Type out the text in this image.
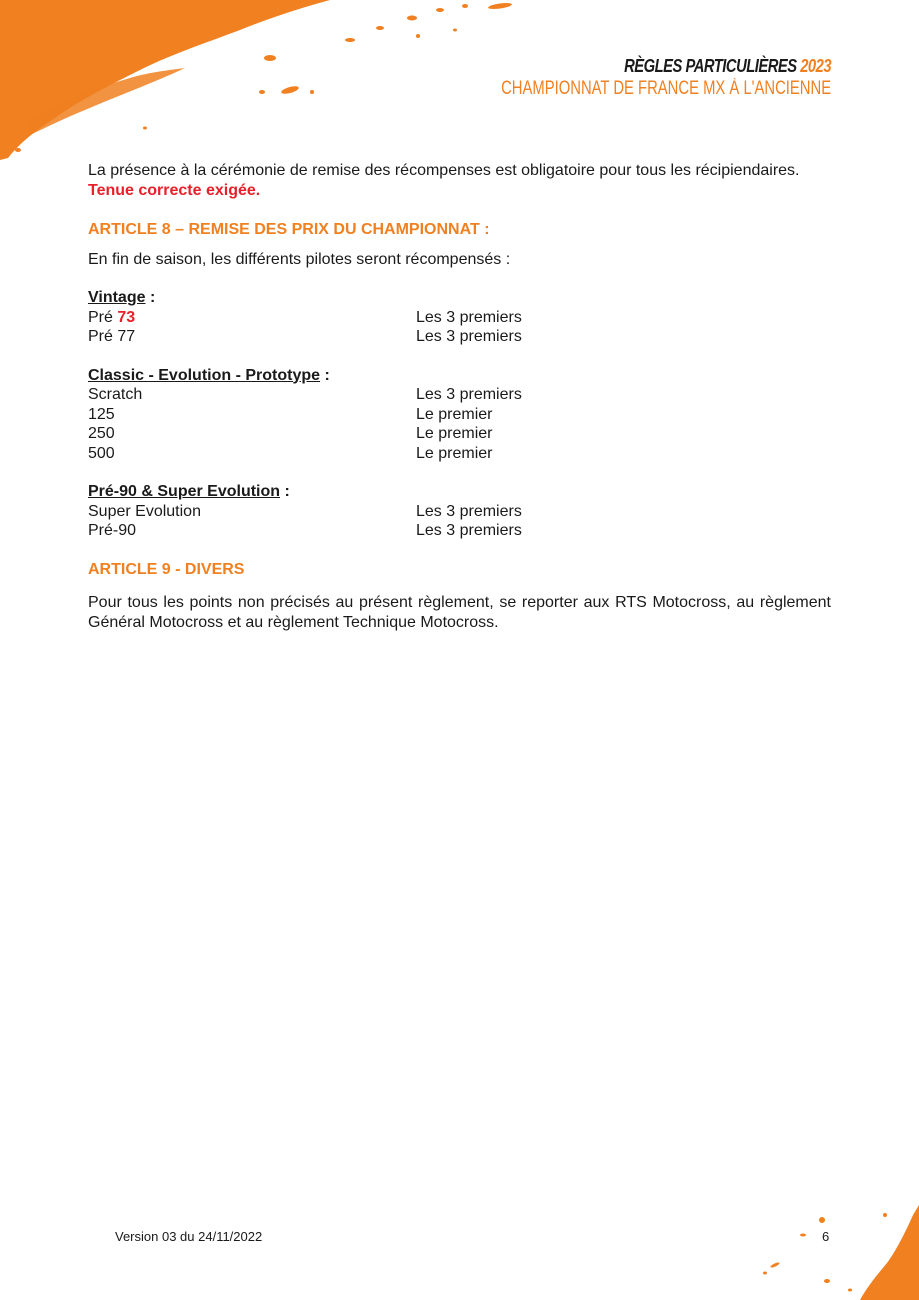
RÈGLES PARTICULIÈRES 2023
CHAMPIONNAT DE FRANCE MX À L'ANCIENNE

La présence à la cérémonie de remise des récompenses est obligatoire pour tous les récipiendaires.

Tenue correcte exigée.

ARTICLE 8 – REMISE DES PRIX DU CHAMPIONNAT :

En fin de saison, les différents pilotes seront récompensés :

Vintage :
Pré 73	Les 3 premiers
Pré 77	Les 3 premiers
Classic - Evolution - Prototype :
Scratch	Les 3 premiers
125	Le premier
250	Le premier
500	Le premier
Pré-90 & Super Evolution :
Super Evolution	Les 3 premiers
Pré-90	Les 3 premiers

ARTICLE 9 - DIVERS

Pour tous les points non précisés au présent règlement, se reporter aux RTS Motocross, au règlement Général Motocross et au règlement Technique Motocross.

Version 03 du 24/11/2022	6
